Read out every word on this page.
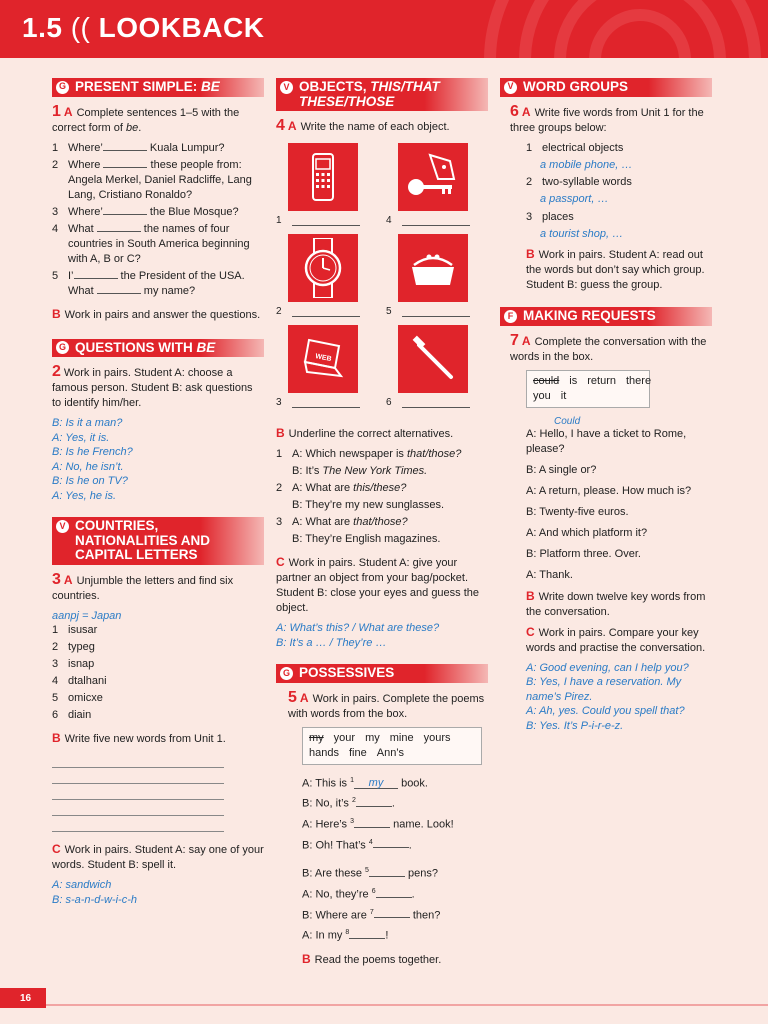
1.5 (( LOOKBACK
G PRESENT SIMPLE: BE
1 A Complete sentences 1–5 with the correct form of be.
1 Where’	Kuala Lumpur?
2 Where	these people from: Angela Merkel, Daniel Radcliffe, Lang Lang, Cristiano Ronaldo?
3 Where’	the Blue Mosque?
4 What	the names of four countries in South America beginning with A, B or C?
5 I’	the President of the USA. What	my name?
B Work in pairs and answer the questions.
G QUESTIONS WITH BE
2 Work in pairs. Student A: choose a famous person. Student B: ask questions to identify him/her.
B: Is it a man?
A: Yes, it is.
B: Is he French?
A: No, he isn’t.
B: Is he on TV?
A: Yes, he is.
V COUNTRIES, NATIONALITIES AND CAPITAL LETTERS
3 A Unjumble the letters and find six countries.
aanpj = Japan
1 isusar
2 typeg
3 isnap
4 dtalhani
5 omicxe
6 diain
B Write five new words from Unit 1.
C Work in pairs. Student A: say one of your words. Student B: spell it.
A: sandwich
B: s-a-n-d-w-i-c-h
V OBJECTS, THIS/THAT THESE/THOSE
4 A Write the name of each object.
1	4
2	5
WEB
3	6
B Underline the correct alternatives.
1 A: Which newspaper is that/those?
B: It’s The New York Times.
2 A: What are this/these?
B: They’re my new sunglasses.
3 A: What are that/those?
B: They’re English magazines.
C Work in pairs. Student A: give your partner an object from your bag/pocket. Student B: close your eyes and guess the object.
A: What’s this? / What are these?
B: It’s a … / They’re …
G POSSESSIVES
5 A Work in pairs. Complete the poems with words from the box.
my your my mine yours
hands fine Ann’s
A: This is $^1$ my book.
B: No, it’s $^2$	.
A: Here’s $^3$	name. Look!
B: Oh! That’s $^4$	.
B: Are these $^5$	pens?
A: No, they’re $^6$	.
B: Where are $^7$	then?
A: In my $^8$	!
B Read the poems together.
V WORD GROUPS
6 A Write five words from Unit 1 for the three groups below:
1 electrical objects
a mobile phone, …
2 two-syllable words
a passport, …
3 places
a tourist shop, …
B Work in pairs. Student A: read out the words but don’t say which group. Student B: guess the group.
F MAKING REQUESTS
7 A Complete the conversation with the words in the box.
could is return there
you it
Could
A: Hello, I have a ticket to Rome, please?
B: A single or?
A: A return, please. How much is?
B: Twenty-five euros.
A: And which platform it?
B: Platform three. Over.
A: Thank.
B Write down twelve key words from the conversation.
C Work in pairs. Compare your key words and practise the conversation.
A: Good evening, can I help you?
B: Yes, I have a reservation. My name’s Pirez.
A: Ah, yes. Could you spell that?
B: Yes. It’s P-i-r-e-z.
16
